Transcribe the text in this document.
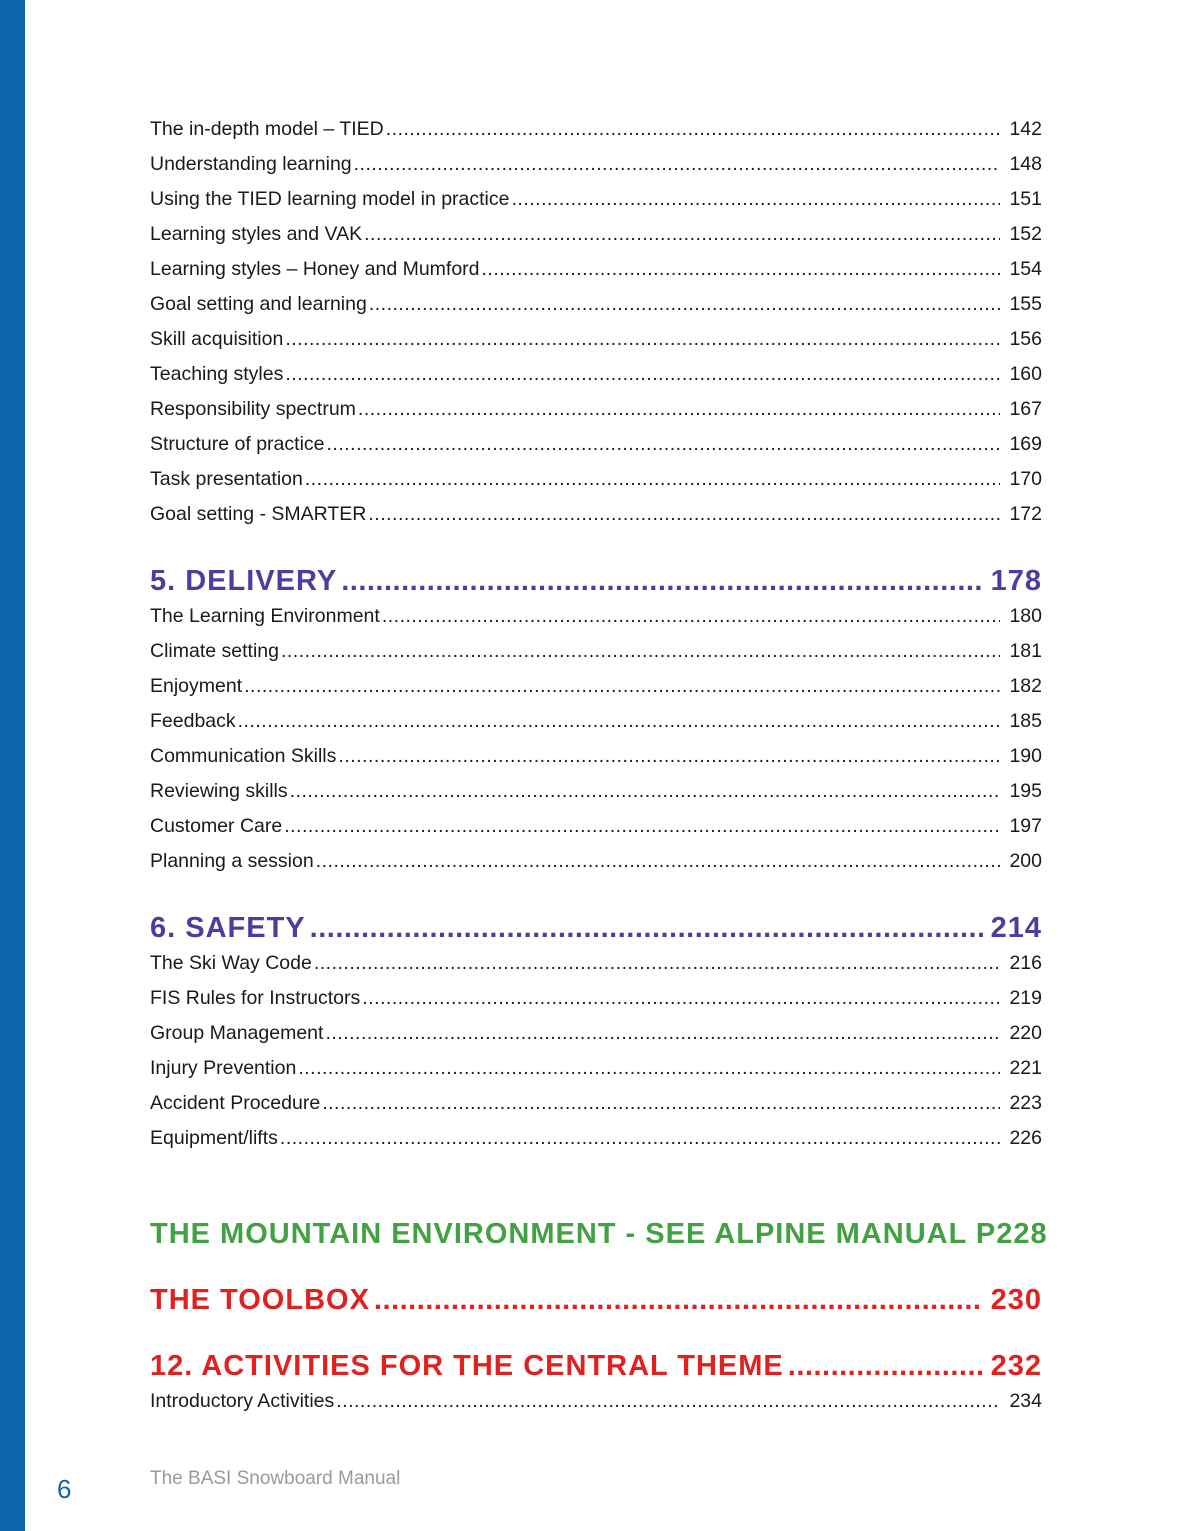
The in-depth model – TIED .....	142
Understanding learning .....	148
Using the TIED learning model in practice .....	151
Learning styles and VAK .....	152
Learning styles – Honey and Mumford .....	154
Goal setting and learning .....	155
Skill acquisition .....	156
Teaching styles .....	160
Responsibility spectrum .....	167
Structure of practice .....	169
Task presentation .....	170
Goal setting - SMARTER .....	172
5. DELIVERY .....	178
The Learning Environment .....	180
Climate setting .....	181
Enjoyment .....	182
Feedback .....	185
Communication Skills .....	190
Reviewing skills .....	195
Customer Care .....	197
Planning a session .....	200
6. SAFETY .....	214
The Ski Way Code .....	216
FIS Rules for Instructors .....	219
Group Management .....	220
Injury Prevention .....	221
Accident Procedure .....	223
Equipment/lifts .....	226
THE MOUNTAIN ENVIRONMENT - SEE ALPINE MANUAL P228
THE TOOLBOX .....	230
12. ACTIVITIES FOR THE CENTRAL THEME .....	232
Introductory Activities .....	234
6	The BASI Snowboard Manual
